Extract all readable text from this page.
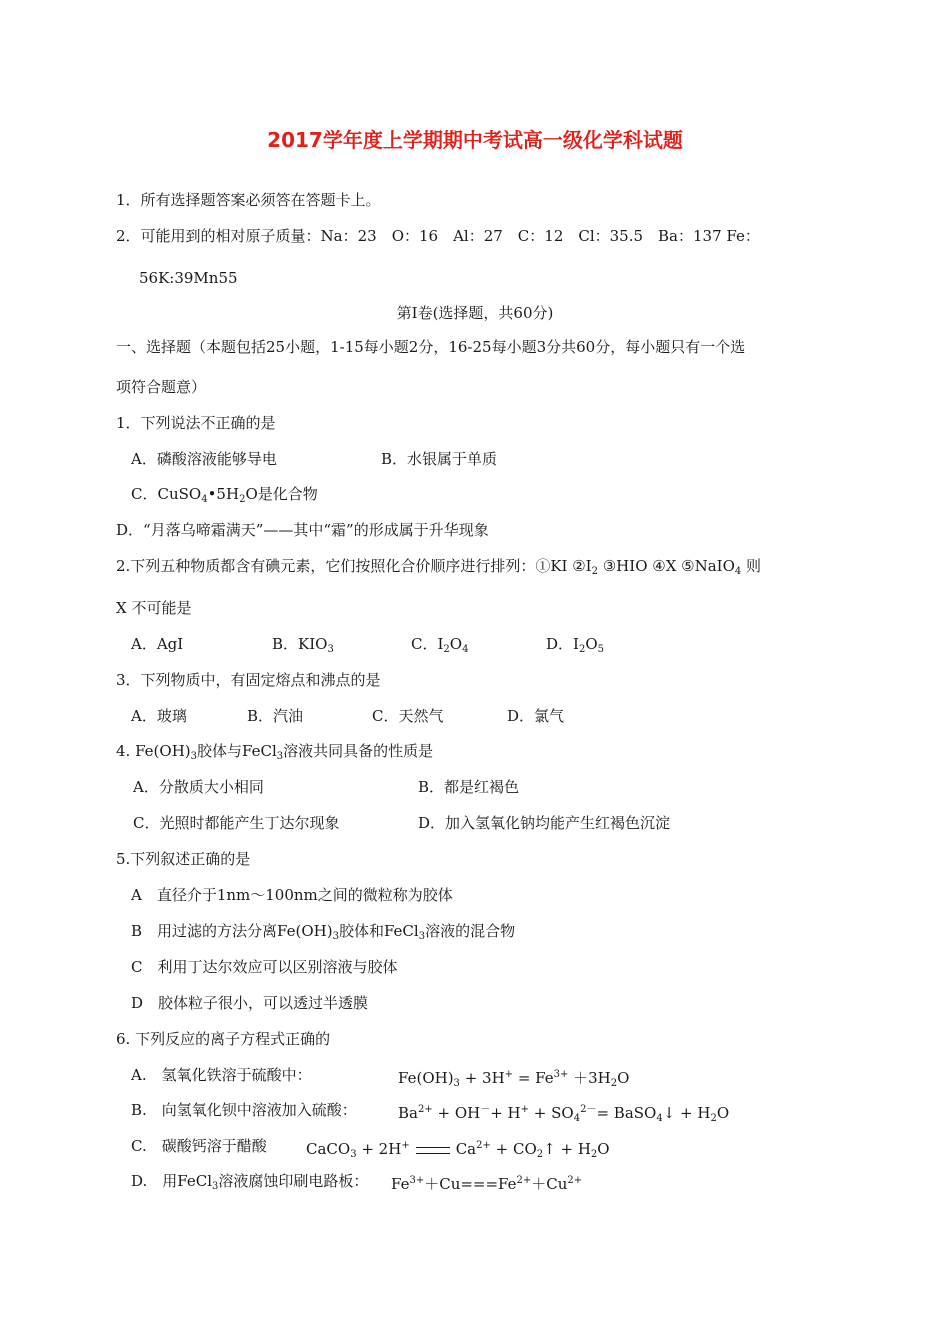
2017学年度上学期期中考试高一级化学科试题
1．所有选择题答案必须答在答题卡上。
2．可能用到的相对原子质量：Na：23　O：16　Al：27　C：12　Cl：35.5　Ba：137 Fe：
56K:39Mn55
第Ⅰ卷(选择题，共60分)
一、选择题（本题包括25小题，1-15每小题2分，16-25每小题3分共60分，每小题只有一个选
项符合题意）
1．下列说法不正确的是
A．磷酸溶液能够导电	B．水银属于单质
C．$CuSO_4•5H_2O$是化合物
D．“月落乌啼霜满天”——其中“霜”的形成属于升华现象
2.下列五种物质都含有碘元素，它们按照化合价顺序进行排列：①KI $②I_2$ ③HIO ④X ⑤NaIO$_4$ 则
X 不可能是
A．AgI	B．$KIO_3$	C．$I_2O_4$	D．$I_2O_5$
3．下列物质中，有固定熔点和沸点的是
A．玻璃	B．汽油	C．天然气	D．氯气
4. $Fe(OH)_3$胶体与FeCl$_3$溶液共同具备的性质是
A．分散质大小相同	B．都是红褐色
C．光照时都能产生丁达尔现象	D．加入氢氧化钠均能产生红褐色沉淀
5.下列叙述正确的是
A　直径介于1nm～100nm之间的微粒称为胶体
B　用过滤的方法分离$Fe(OH)_3$胶体和FeCl$_3$溶液的混合物
C　利用丁达尔效应可以区别溶液与胶体
D　胶体粒子很小，可以透过半透膜
6. 下列反应的离子方程式正确的
A.　氢氧化铁溶于硫酸中：	$Fe(OH)_3 + 3H^+ = Fe^{3+} +3H_2O$
B.　向氢氧化钡中溶液加入硫酸：	$Ba^{2+} + OH^-+ H^+ + SO_4^{2-}=$ BaSO$_4$↓ + $H_2O$
C.　碳酸钙溶于醋酸	CaCO$_3$ + 2H+	$Ca^{2+}$ + $CO_2↑ + H_2O$
D.　用FeCl$_3$溶液腐蚀印刷电路板： $Fe^{3+}+Cu===Fe^{2+}+Cu^{2+}$
